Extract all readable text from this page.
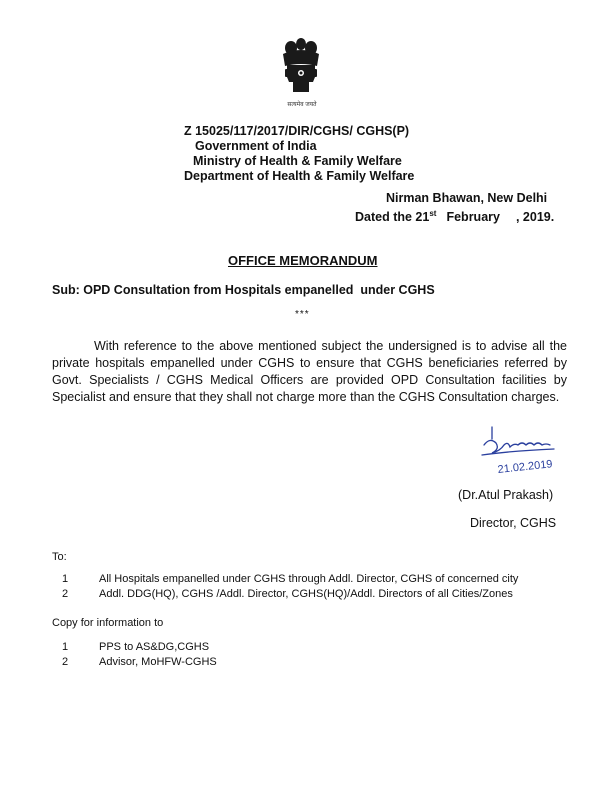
सत्यमेव जयते
Z 15025/117/2017/DIR/CGHS/ CGHS(P)
Government of India
Ministry of Health & Family Welfare
Department of Health & Family Welfare
Nirman Bhawan, New Delhi
Dated the 21st February , 2019.
OFFICE MEMORANDUM
Sub: OPD Consultation from Hospitals empanelled  under CGHS
***

With reference to the above mentioned subject the undersigned is to advise all the private hospitals empanelled under CGHS to ensure that CGHS beneficiaries referred by Govt. Specialists / CGHS Medical Officers are provided OPD Consultation facilities by Specialist and ensure that they shall not charge more than the CGHS Consultation charges.

21.02.2019
(Dr.Atul Prakash)
Director, CGHS
To:
1	All Hospitals empanelled under CGHS through Addl. Director, CGHS of concerned city
2	Addl. DDG(HQ), CGHS /Addl. Director, CGHS(HQ)/Addl. Directors of all Cities/Zones
Copy for information to
1	PPS to AS&DG,CGHS
2	Advisor, MoHFW-CGHS
